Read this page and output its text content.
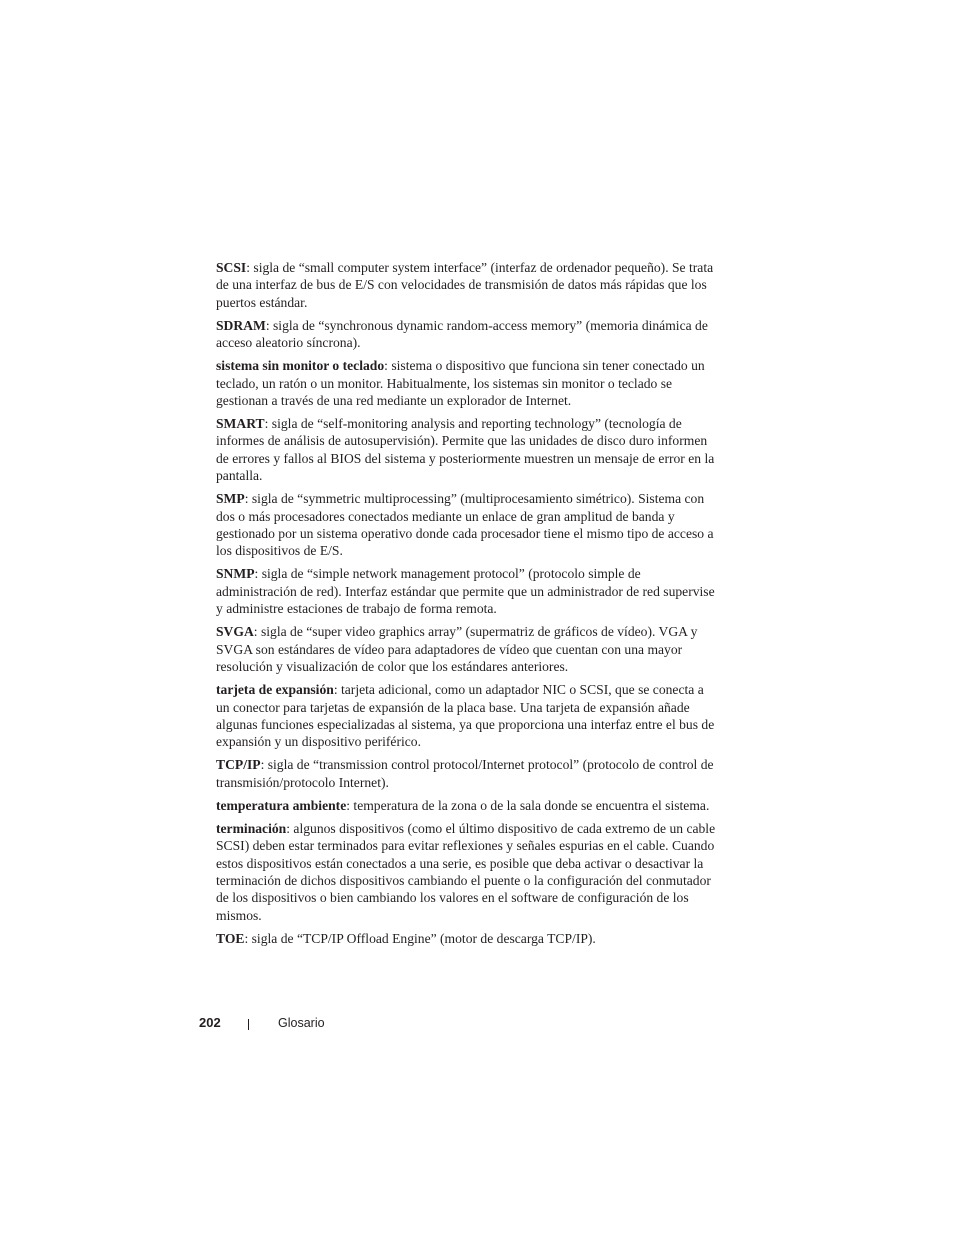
SCSI: sigla de “small computer system interface” (interfaz de ordenador pequeño). Se trata de una interfaz de bus de E/S con velocidades de transmisión de datos más rápidas que los puertos estándar.

SDRAM: sigla de “synchronous dynamic random-access memory” (memoria dinámica de acceso aleatorio síncrona).

sistema sin monitor o teclado: sistema o dispositivo que funciona sin tener conectado un teclado, un ratón o un monitor. Habitualmente, los sistemas sin monitor o teclado se gestionan a través de una red mediante un explorador de Internet.

SMART: sigla de “self-monitoring analysis and reporting technology” (tecnología de informes de análisis de autosupervisión). Permite que las unidades de disco duro informen de errores y fallos al BIOS del sistema y posteriormente muestren un mensaje de error en la pantalla.

SMP: sigla de “symmetric multiprocessing” (multiprocesamiento simétrico). Sistema con dos o más procesadores conectados mediante un enlace de gran amplitud de banda y gestionado por un sistema operativo donde cada procesador tiene el mismo tipo de acceso a los dispositivos de E/S.

SNMP: sigla de “simple network management protocol” (protocolo simple de administración de red). Interfaz estándar que permite que un administrador de red supervise y administre estaciones de trabajo de forma remota.

SVGA: sigla de “super video graphics array” (supermatriz de gráficos de vídeo). VGA y SVGA son estándares de vídeo para adaptadores de vídeo que cuentan con una mayor resolución y visualización de color que los estándares anteriores.

tarjeta de expansión: tarjeta adicional, como un adaptador NIC o SCSI, que se conecta a un conector para tarjetas de expansión de la placa base. Una tarjeta de expansión añade algunas funciones especializadas al sistema, ya que proporciona una interfaz entre el bus de expansión y un dispositivo periférico.

TCP/IP: sigla de “transmission control protocol/Internet protocol” (protocolo de control de transmisión/protocolo Internet).

temperatura ambiente: temperatura de la zona o de la sala donde se encuentra el sistema.

terminación: algunos dispositivos (como el último dispositivo de cada extremo de un cable SCSI) deben estar terminados para evitar reflexiones y señales espurias en el cable. Cuando estos dispositivos están conectados a una serie, es posible que deba activar o desactivar la terminación de dichos dispositivos cambiando el puente o la configuración del conmutador de los dispositivos o bien cambiando los valores en el software de configuración de los mismos.

TOE: sigla de “TCP/IP Offload Engine” (motor de descarga TCP/IP).

202	Glosario
